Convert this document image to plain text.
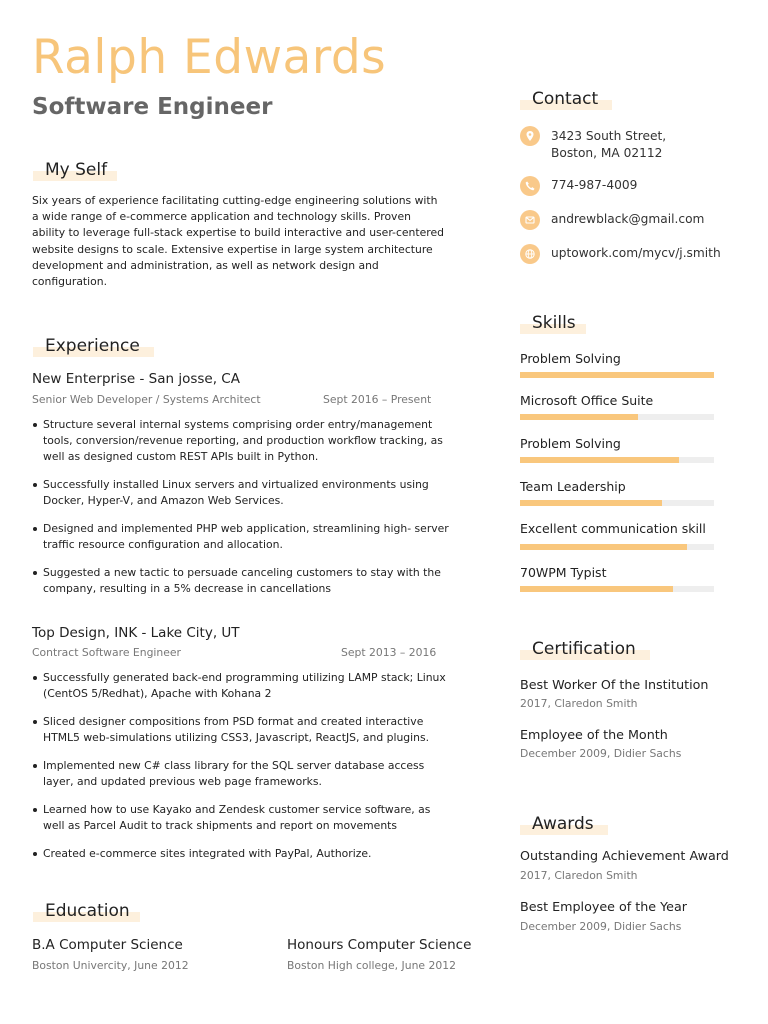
Ralph Edwards
Software Engineer
My Self
Six years of experience facilitating cutting-edge engineering solutions with a wide range of e-commerce application and technology skills. Proven ability to leverage full-stack expertise to build interactive and user-centered website designs to scale. Extensive expertise in large system architecture development and administration, as well as network design and configuration.
Experience
New Enterprise - San josse, CA
Senior Web Developer / Systems Architect	Sept 2016 – Present
Structure several internal systems comprising order entry/management tools, conversion/revenue reporting, and production workflow tracking, as well as designed custom REST APIs built in Python.
Successfully installed Linux servers and virtualized environments using Docker, Hyper-V, and Amazon Web Services.
Designed and implemented PHP web application, streamlining high- server traffic resource configuration and allocation.
Suggested a new tactic to persuade canceling customers to stay with the company, resulting in a 5% decrease in cancellations
Top Design, INK - Lake City, UT
Contract Software Engineer	Sept 2013 – 2016
Successfully generated back-end programming utilizing LAMP stack; Linux (CentOS 5/Redhat), Apache with Kohana 2
Sliced designer compositions from PSD format and created interactive HTML5 web-simulations utilizing CSS3, Javascript, ReactJS, and plugins.
Implemented new C# class library for the SQL server database access layer, and updated previous web page frameworks.
Learned how to use Kayako and Zendesk customer service software, as well as Parcel Audit to track shipments and report on movements
Created e-commerce sites integrated with PayPal, Authorize.
Education
B.A Computer Science
Boston Univercity, June 2012
Honours Computer Science
Boston High college, June 2012
Contact
3423 South Street,
Boston, MA 02112
774-987-4009
andrewblack@gmail.com
uptowork.com/mycv/j.smith
Skills
Problem Solving
Microsoft Office Suite
Problem Solving
Team Leadership
Excellent communication skill
70WPM Typist
Certification
Best Worker Of the Institution
2017, Claredon Smith
Employee of the Month
December 2009, Didier Sachs
Awards
Outstanding Achievement Award
2017, Claredon Smith
Best Employee of the Year
December 2009, Didier Sachs
